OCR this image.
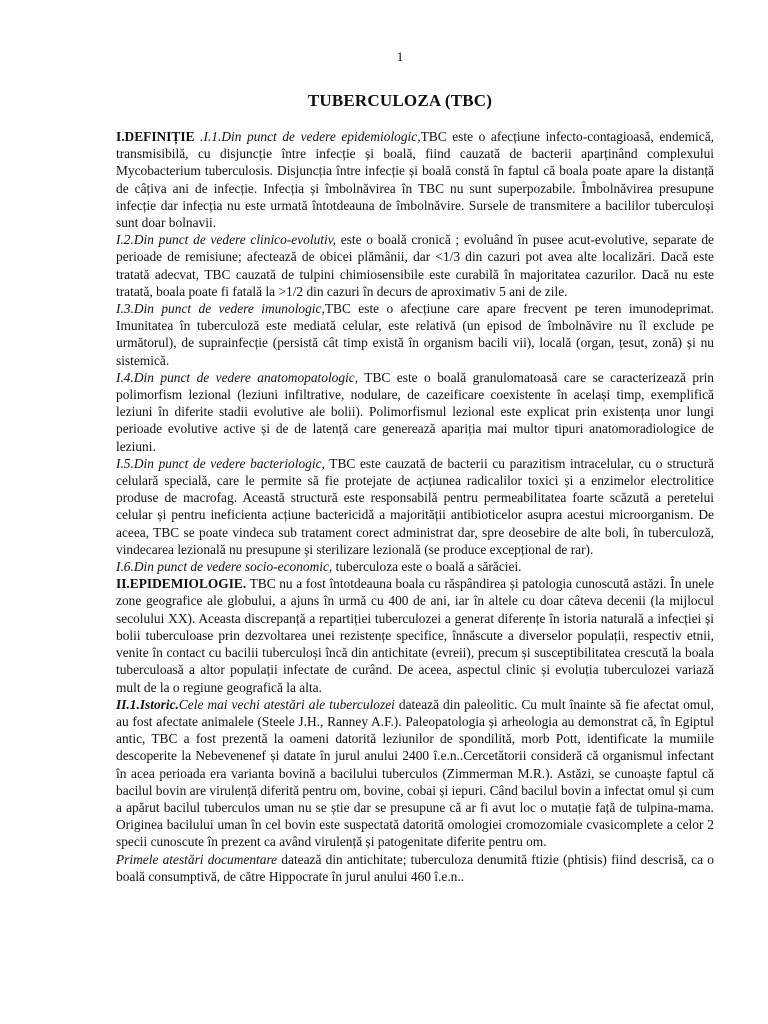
1
TUBERCULOZA (TBC)

I.DEFINIȚIE .I.1.Din punct de vedere epidemiologic,TBC este o afecțiune infecto-contagioasă, endemică, transmisibilă, cu disjuncție între infecție și boală, fiind cauzată de bacterii aparținând complexului Mycobacterium tuberculosis. Disjuncția între infecție și boală constă în faptul că boala poate apare la distanță de câțiva ani de infecție. Infecția și îmbolnăvirea în TBC nu sunt superpozabile. Îmbolnăvirea presupune infecție dar infecția nu este urmată întotdeauna de îmbolnăvire. Sursele de transmitere a bacililor tuberculoși sunt doar bolnavii.

I.2.Din punct de vedere clinico-evolutiv, este o boală cronică ; evoluând în pusee acut-evolutive, separate de perioade de remisiune; afectează de obicei plămânii, dar <1/3 din cazuri pot avea alte localizări. Dacă este tratată adecvat, TBC cauzată de tulpini chimiosensibile este curabilă în majoritatea cazurilor. Dacă nu este tratată, boala poate fi fatală la >1/2 din cazuri în decurs de aproximativ 5 ani de zile.

I.3.Din punct de vedere imunologic,TBC este o afecțiune care apare frecvent pe teren imunodeprimat. Imunitatea în tuberculoză este mediată celular, este relativă (un episod de îmbolnăvire nu îl exclude pe următorul), de suprainfecție (persistă cât timp există în organism bacili vii), locală (organ, țesut, zonă) și nu sistemică.

I.4.Din punct de vedere anatomopatologic, TBC este o boală granulomatoasă care se caracterizează prin polimorfism lezional (leziuni infiltrative, nodulare, de cazeificare coexistente în același timp, exemplifică leziuni în diferite stadii evolutive ale bolii). Polimorfismul lezional este explicat prin existența unor lungi perioade evolutive active și de de latență care generează apariția mai multor tipuri anatomoradiologice de leziuni.

I.5.Din punct de vedere bacteriologic, TBC este cauzată de bacterii cu parazitism intracelular, cu o structură celulară specială, care le permite să fie protejate de acțiunea radicalilor toxici și a enzimelor electrolitice produse de macrofag. Această structură este responsabilă pentru permeabilitatea foarte scăzută a peretelui celular și pentru ineficienta acțiune bactericidă a majorității antibioticelor asupra acestui microorganism. De aceea, TBC se poate vindeca sub tratament corect administrat dar, spre deosebire de alte boli, în tuberculoză, vindecarea lezională nu presupune și sterilizare lezională (se produce excepțional de rar).

I.6.Din punct de vedere socio-economic, tuberculoza este o boală a sărăciei.

II.EPIDEMIOLOGIE. TBC nu a fost întotdeauna boala cu răspândirea și patologia cunoscută astăzi. În unele zone geografice ale globului, a ajuns în urmă cu 400 de ani, iar în altele cu doar câteva decenii (la mijlocul secolului XX). Aceasta discrepanță a repartiției tuberculozei a generat diferențe în istoria naturală a infecției și bolii tuberculoase prin dezvoltarea unei rezistențe specifice, înnăscute a diverselor populații, respectiv etnii, venite în contact cu bacilii tuberculoși încă din antichitate (evreii), precum și susceptibilitatea crescută la boala tuberculoasă a altor populații infectate de curând. De aceea, aspectul clinic și evoluția tuberculozei variază mult de la o regiune geografică la alta.

II.1.Istoric.Cele mai vechi atestări ale tuberculozei datează din paleolitic. Cu mult înainte să fie afectat omul, au fost afectate animalele (Steele J.H., Ranney A.F.). Paleopatologia și arheologia au demonstrat că, în Egiptul antic, TBC a fost prezentă la oameni datorită leziunilor de spondilită, morb Pott, identificate la mumiile descoperite la Nebevenenef și datate în jurul anului 2400 î.e.n..Cercetătorii consideră că organismul infectant în acea perioada era varianta bovină a bacilului tuberculos (Zimmerman M.R.). Astăzi, se cunoaște faptul că bacilul bovin are virulență diferită pentru om, bovine, cobai și iepuri. Când bacilul bovin a infectat omul și cum a apărut bacilul tuberculos uman nu se știe dar se presupune că ar fi avut loc o mutație față de tulpina-mama. Originea bacilului uman în cel bovin este suspectată datorită omologiei cromozomiale cvasicomplete a celor 2 specii cunoscute în prezent ca având virulență și patogenitate diferite pentru om.

Primele atestări documentare datează din antichitate; tuberculoza denumită ftizie (phtisis) fiind descrisă, ca o boală consumptivă, de către Hippocrate în jurul anului 460 î.e.n..
